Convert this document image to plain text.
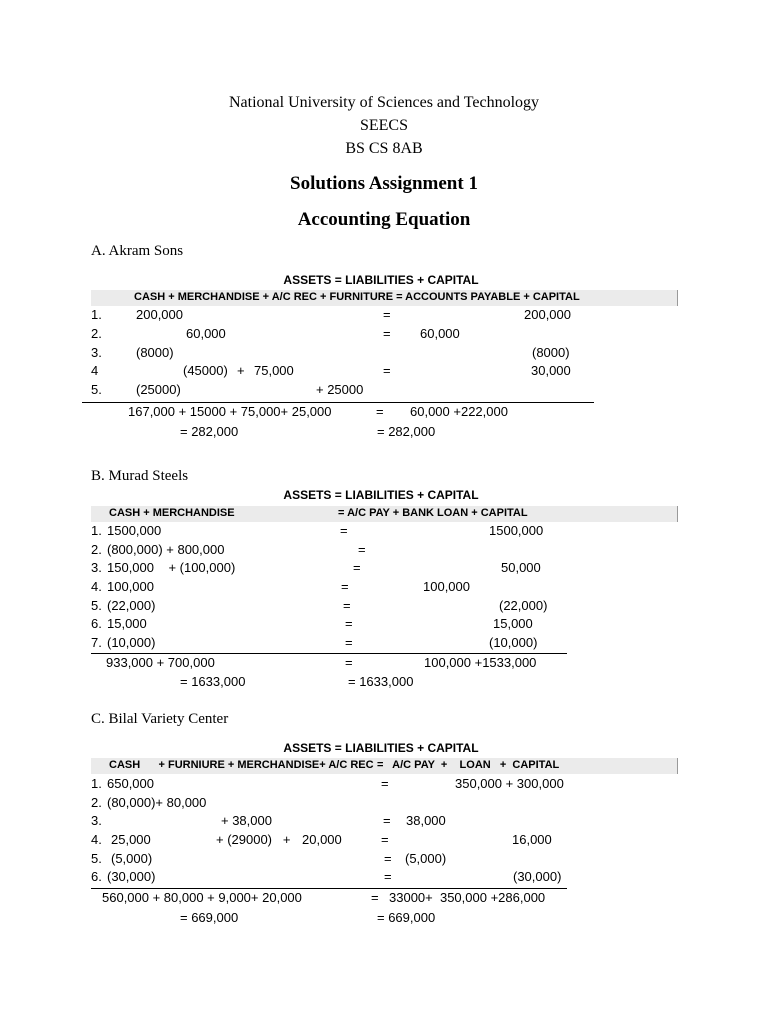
National University of Sciences and Technology
SEECS
BS CS 8AB
Solutions Assignment 1
Accounting Equation
A. Akram Sons
ASSETS = LIABILITIES + CAPITAL
CASH + MERCHANDISE + A/C REC + FURNITURE = ACCOUNTS PAYABLE + CAPITAL
1.	200,000	=	200,000
2.	60,000	= 60,000
3.	(8000)	(8000)
4	(45000) + 75,000	=	30,000
5.	(25000)	+ 25000
167,000 + 15000 + 75,000+ 25,000	= 60,000 +222,000
= 282,000	= 282,000
B. Murad Steels
ASSETS = LIABILITIES + CAPITAL
CASH + MERCHANDISE	= A/C PAY + BANK LOAN + CAPITAL
1. 1500,000	=	1500,000
2. (800,000) + 800,000	=
3. 150,000    + (100,000)	=	50,000
4. 100,000	=	100,000
5. (22,000)	=	(22,000)
6. 15,000	=	15,000
7. (10,000)	=	(10,000)
933,000 + 700,000	=	100,000 +1533,000
= 1633,000	= 1633,000
C. Bilal Variety Center
ASSETS = LIABILITIES + CAPITAL
CASH      + FURNIURE + MERCHANDISE+ A/C REC =   A/C PAY  +    LOAN   +  CAPITAL
1. 650,000	=	350,000 + 300,000
2. (80,000)+ 80,000
3.	+ 38,000	= 38,000
4. 25,000	+ (29000)   + 20,000	=	16,000
5. (5,000)	= (5,000)
6. (30,000)	=	(30,000)
560,000 + 80,000 + 9,000+ 20,000	= 33000+  350,000 +286,000
= 669,000	= 669,000
